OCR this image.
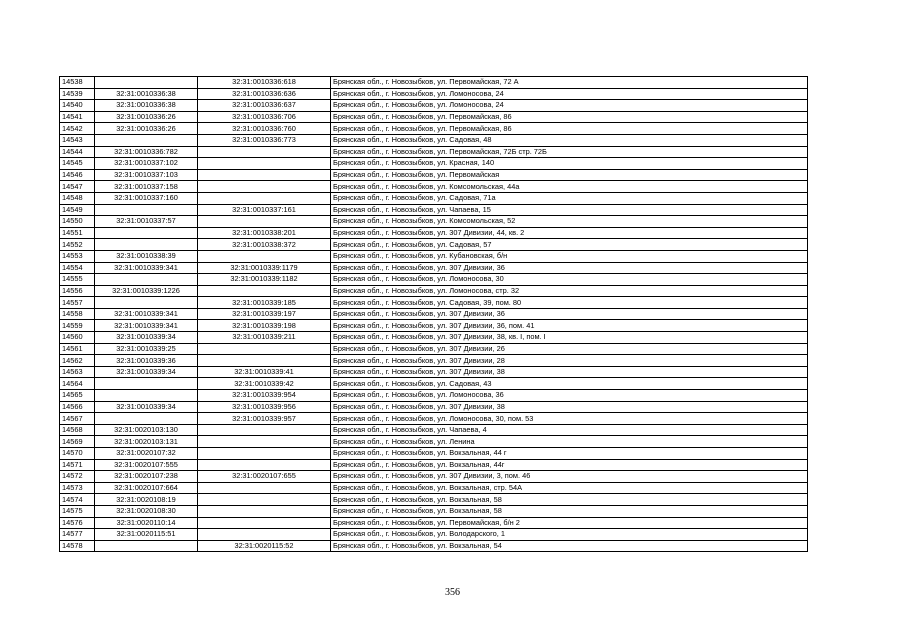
14538		32:31:0010336:618	Брянская обл., г. Новозыбков, ул. Первомайская, 72 А
14539	32:31:0010336:38	32:31:0010336:636	Брянская обл., г. Новозыбков, ул. Ломоносова, 24
14540	32:31:0010336:38	32:31:0010336:637	Брянская обл., г. Новозыбков, ул. Ломоносова, 24
14541	32:31:0010336:26	32:31:0010336:706	Брянская обл., г. Новозыбков, ул. Первомайская, 86
14542	32:31:0010336:26	32:31:0010336:760	Брянская обл., г. Новозыбков, ул. Первомайская, 86
14543		32:31:0010336:773	Брянская обл., г. Новозыбков, ул. Садовая, 48
14544	32:31:0010336:782		Брянская обл., г. Новозыбков, ул. Первомайская, 72Б стр. 72Б
14545	32:31:0010337:102		Брянская обл., г. Новозыбков, ул. Красная, 140
14546	32:31:0010337:103		Брянская обл., г. Новозыбков, ул. Первомайская
14547	32:31:0010337:158		Брянская обл., г. Новозыбков, ул. Комсомольская, 44а
14548	32:31:0010337:160		Брянская обл., г. Новозыбков, ул. Садовая, 71а
14549		32:31:0010337:161	Брянская обл., г. Новозыбков, ул. Чапаева, 15
14550	32:31:0010337:57		Брянская обл., г. Новозыбков, ул. Комсомольская, 52
14551		32:31:0010338:201	Брянская обл., г. Новозыбков, ул. 307 Дивизии, 44, кв. 2
14552		32:31:0010338:372	Брянская обл., г. Новозыбков, ул. Садовая, 57
14553	32:31:0010338:39		Брянская обл., г. Новозыбков, ул. Кубановская, б/н
14554	32:31:0010339:341	32:31:0010339:1179	Брянская обл., г. Новозыбков, ул. 307 Дивизии, 36
14555		32:31:0010339:1182	Брянская обл., г. Новозыбков, ул. Ломоносова, 30
14556	32:31:0010339:1226		Брянская обл., г. Новозыбков, ул. Ломоносова, стр. 32
14557		32:31:0010339:185	Брянская обл., г. Новозыбков, ул. Садовая, 39, пом. 80
14558	32:31:0010339:341	32:31:0010339:197	Брянская обл., г. Новозыбков, ул. 307 Дивизии, 36
14559	32:31:0010339:341	32:31:0010339:198	Брянская обл., г. Новозыбков, ул. 307 Дивизии, 36, пом. 41
14560	32:31:0010339:34	32:31:0010339:211	Брянская обл., г. Новозыбков, ул. 307 Дивизии, 38, кв. I, пом. I
14561	32:31:0010339:25		Брянская обл., г. Новозыбков, ул. 307 Дивизии, 26
14562	32:31:0010339:36		Брянская обл., г. Новозыбков, ул. 307 Дивизии, 28
14563	32:31:0010339:34	32:31:0010339:41	Брянская обл., г. Новозыбков, ул. 307 Дивизии, 38
14564		32:31:0010339:42	Брянская обл., г. Новозыбков, ул. Садовая, 43
14565		32:31:0010339:954	Брянская обл., г. Новозыбков, ул. Ломоносова, 36
14566	32:31:0010339:34	32:31:0010339:956	Брянская обл., г. Новозыбков, ул. 307 Дивизии, 38
14567		32:31:0010339:957	Брянская обл., г. Новозыбков, ул. Ломоносова, 30, пом. 53
14568	32:31:0020103:130		Брянская обл., г. Новозыбков, ул. Чапаева, 4
14569	32:31:0020103:131		Брянская обл., г. Новозыбков, ул. Ленина
14570	32:31:0020107:32		Брянская обл., г. Новозыбков, ул. Вокзальная, 44 г
14571	32:31:0020107:555		Брянская обл., г. Новозыбков, ул. Вокзальная, 44г
14572	32:31:0020107:238	32:31:0020107:655	Брянская обл., г. Новозыбков, ул. 307 Дивизии, 3, пом. 46
14573	32:31:0020107:664		Брянская обл., г. Новозыбков, ул. Вокзальная, стр. 54А
14574	32:31:0020108:19		Брянская обл., г. Новозыбков, ул. Вокзальная, 58
14575	32:31:0020108:30		Брянская обл., г. Новозыбков, ул. Вокзальная, 58
14576	32:31:0020110:14		Брянская обл., г. Новозыбков, ул. Первомайская, б/н 2
14577	32:31:0020115:51		Брянская обл., г. Новозыбков, ул. Володарского, 1
14578		32:31:0020115:52	Брянская обл., г. Новозыбков, ул. Вокзальная, 54
356
